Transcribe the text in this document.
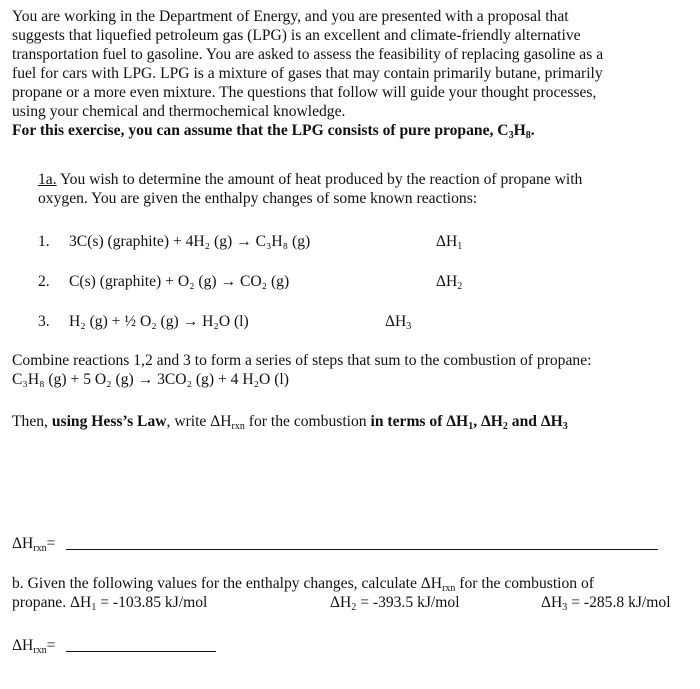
You are working in the Department of Energy, and you are presented with a proposal that

suggests that liquefied petroleum gas (LPG) is an excellent and climate-friendly alternative

transportation fuel to gasoline. You are asked to assess the feasibility of replacing gasoline as a

fuel for cars with LPG. LPG is a mixture of gases that may contain primarily butane, primarily

propane or a more even mixture. The questions that follow will guide your thought processes,

using your chemical and thermochemical knowledge.

For this exercise, you can assume that the LPG consists of pure propane, $C_3H_8$.

1a. You wish to determine the amount of heat produced by the reaction of propane with
oxygen. You are given the enthalpy changes of some known reactions:
1. 3C(s) (graphite) + 4H₂ (g) → C₃H₈ (g)	$\Delta H_1$
2. C(s) (graphite) + O₂ (g) → CO₂ (g)	$\Delta H_2$
3. H₂ (g) + ½ O₂ (g) → H₂O (l)	$\Delta H_3$
Combine reactions 1,2 and 3 to form a series of steps that sum to the combustion of propane:
C₃H₈ (g) + 5 O₂ (g) → 3CO₂ (g) + 4 H₂O (l)
Then, using Hess’s Law, write $\Delta H_{rxn}$ for the combustion in terms of $\Delta H_1$, $\Delta H_2$ and $\Delta H_3$
$\Delta H_{rxn}=$
b. Given the following values for the enthalpy changes, calculate $\Delta H_{rxn}$ for the combustion of
propane. $\Delta H_1 = -103.85$ kJ/mol	$\Delta H_2 = -393.5$ kJ/mol	$\Delta H_3 = -285.8$ kJ/mol
$\Delta H_{rxn}=$
